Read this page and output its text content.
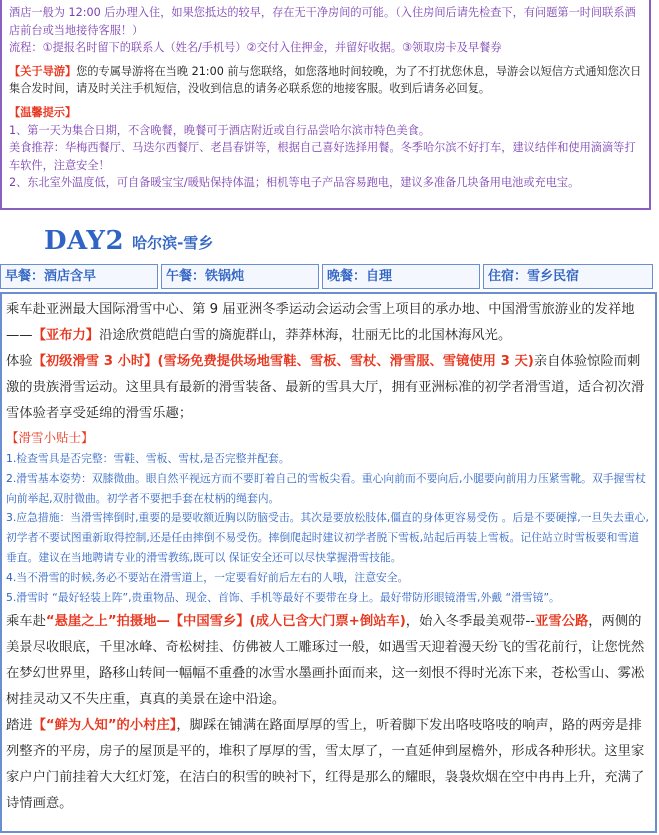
酒店一般为 12:00 后办理入住，如果您抵达的较早，存在无干净房间的可能。（入住房间后请先检查下，有问题第一时间联系酒店前台或当地接待客服！）
流程：①提报名时留下的联系人（姓名/手机号）②交付入住押金，并留好收据。③领取房卡及早餐券
【关于导游】您的专属导游将在当晚 21:00 前与您联络，如您落地时间较晚，为了不打扰您休息，导游会以短信方式通知您次日集合发时间，请及时关注手机短信，没收到信息的请务必联系您的地接客服。收到后请务必回复。
【温馨提示】
1、第一天为集合日期，不含晚餐，晚餐可于酒店附近或自行品尝哈尔滨市特色美食。
美食推荐：华梅西餐厅、马迭尔西餐厅、老昌春饼等，根据自己喜好选择用餐。冬季哈尔滨不好打车，建议结伴和使用滴滴等打车软件，注意安全！
2、东北室外温度低，可自备暖宝宝/暖贴保持体温；相机等电子产品容易跑电，建议多准备几块备用电池或充电宝。
DAY2 哈尔滨-雪乡
早餐：酒店含早	午餐：铁锅炖	晚餐：自理	住宿：雪乡民宿
乘车赴亚洲最大国际滑雪中心、第 9 届亚洲冬季运动会运动会雪上项目的承办地、中国滑雪旅游业的发祥地——【亚布力】沿途欣赏皑皑白雪的旖旎群山，莽莽林海，壮丽无比的北国林海风光。
体验【初级滑雪 3 小时】(雪场免费提供场地雪鞋、雪板、雪杖、滑雪服、雪镜使用 3 天)亲自体验惊险而刺激的贵族滑雪运动。这里具有最新的滑雪装备、最新的雪具大厅，拥有亚洲标准的初学者滑雪道，适合初次滑雪体验者享受延绵的滑雪乐趣；
【滑雪小贴士】
1.检查雪具是否完整：雪鞋、雪板、雪杖,是否完整并配套。
2.滑雪基本姿势：双膝微曲。眼自然平视远方而不要盯着自己的雪板尖看。重心向前而不要向后,小腿要向前用力压紧雪靴。双手握雪杖向前举起,双肘微曲。初学者不要把手套在杖柄的绳套内。
3.应急措施：当滑雪摔倒时,重要的是要收额近胸以防脑受击。其次是要放松肢体,僵直的身体更容易受伤 。后是不要硬撑,一旦失去重心,初学者不要试图重新取得控制,还是任由摔倒不易受伤。摔倒爬起时建议初学者脱下雪板,站起后再装上雪板。记住站立时雪板要和雪道垂直。建议在当地聘请专业的滑雪教练,既可以 保证安全还可以尽快掌握滑雪技能。
4.当不滑雪的时候,务必不要站在滑雪道上，一定要看好前后左右的人哦，注意安全。
5.滑雪时 “最好轻装上阵”,贵重物品、现金、首饰、手机等最好不要带在身上。最好带防形眼镜滑雪,外戴 “滑雪镜”。
乘车赴“悬崖之上”拍摄地—【中国雪乡】(成人已含大门票+倒站车)，始入冬季最美观带--亚雪公路，两侧的美景尽收眼底，千里冰峰、奇松树挂、仿佛被人工雕琢过一般，如遇雪天迎着漫天纷飞的雪花前行，让您恍然在梦幻世界里，路移山转间一幅幅不重叠的冰雪水墨画扑面而来，这一刻恨不得时光冻下来，苍松雪山、雾凇树挂灵动又不失庄重，真真的美景在途中沿途。
踏进【“鲜为人知”的小村庄】，脚踩在铺满在路面厚厚的雪上，听着脚下发出咯吱咯吱的响声，路的两旁是排列整齐的平房，房子的屋顶是平的，堆积了厚厚的雪，雪太厚了，一直延伸到屋檐外，形成各种形状。这里家家户户门前挂着大大红灯笼，在洁白的积雪的映衬下，红得是那么的耀眼，袅袅炊烟在空中冉冉上升，充满了诗情画意。
